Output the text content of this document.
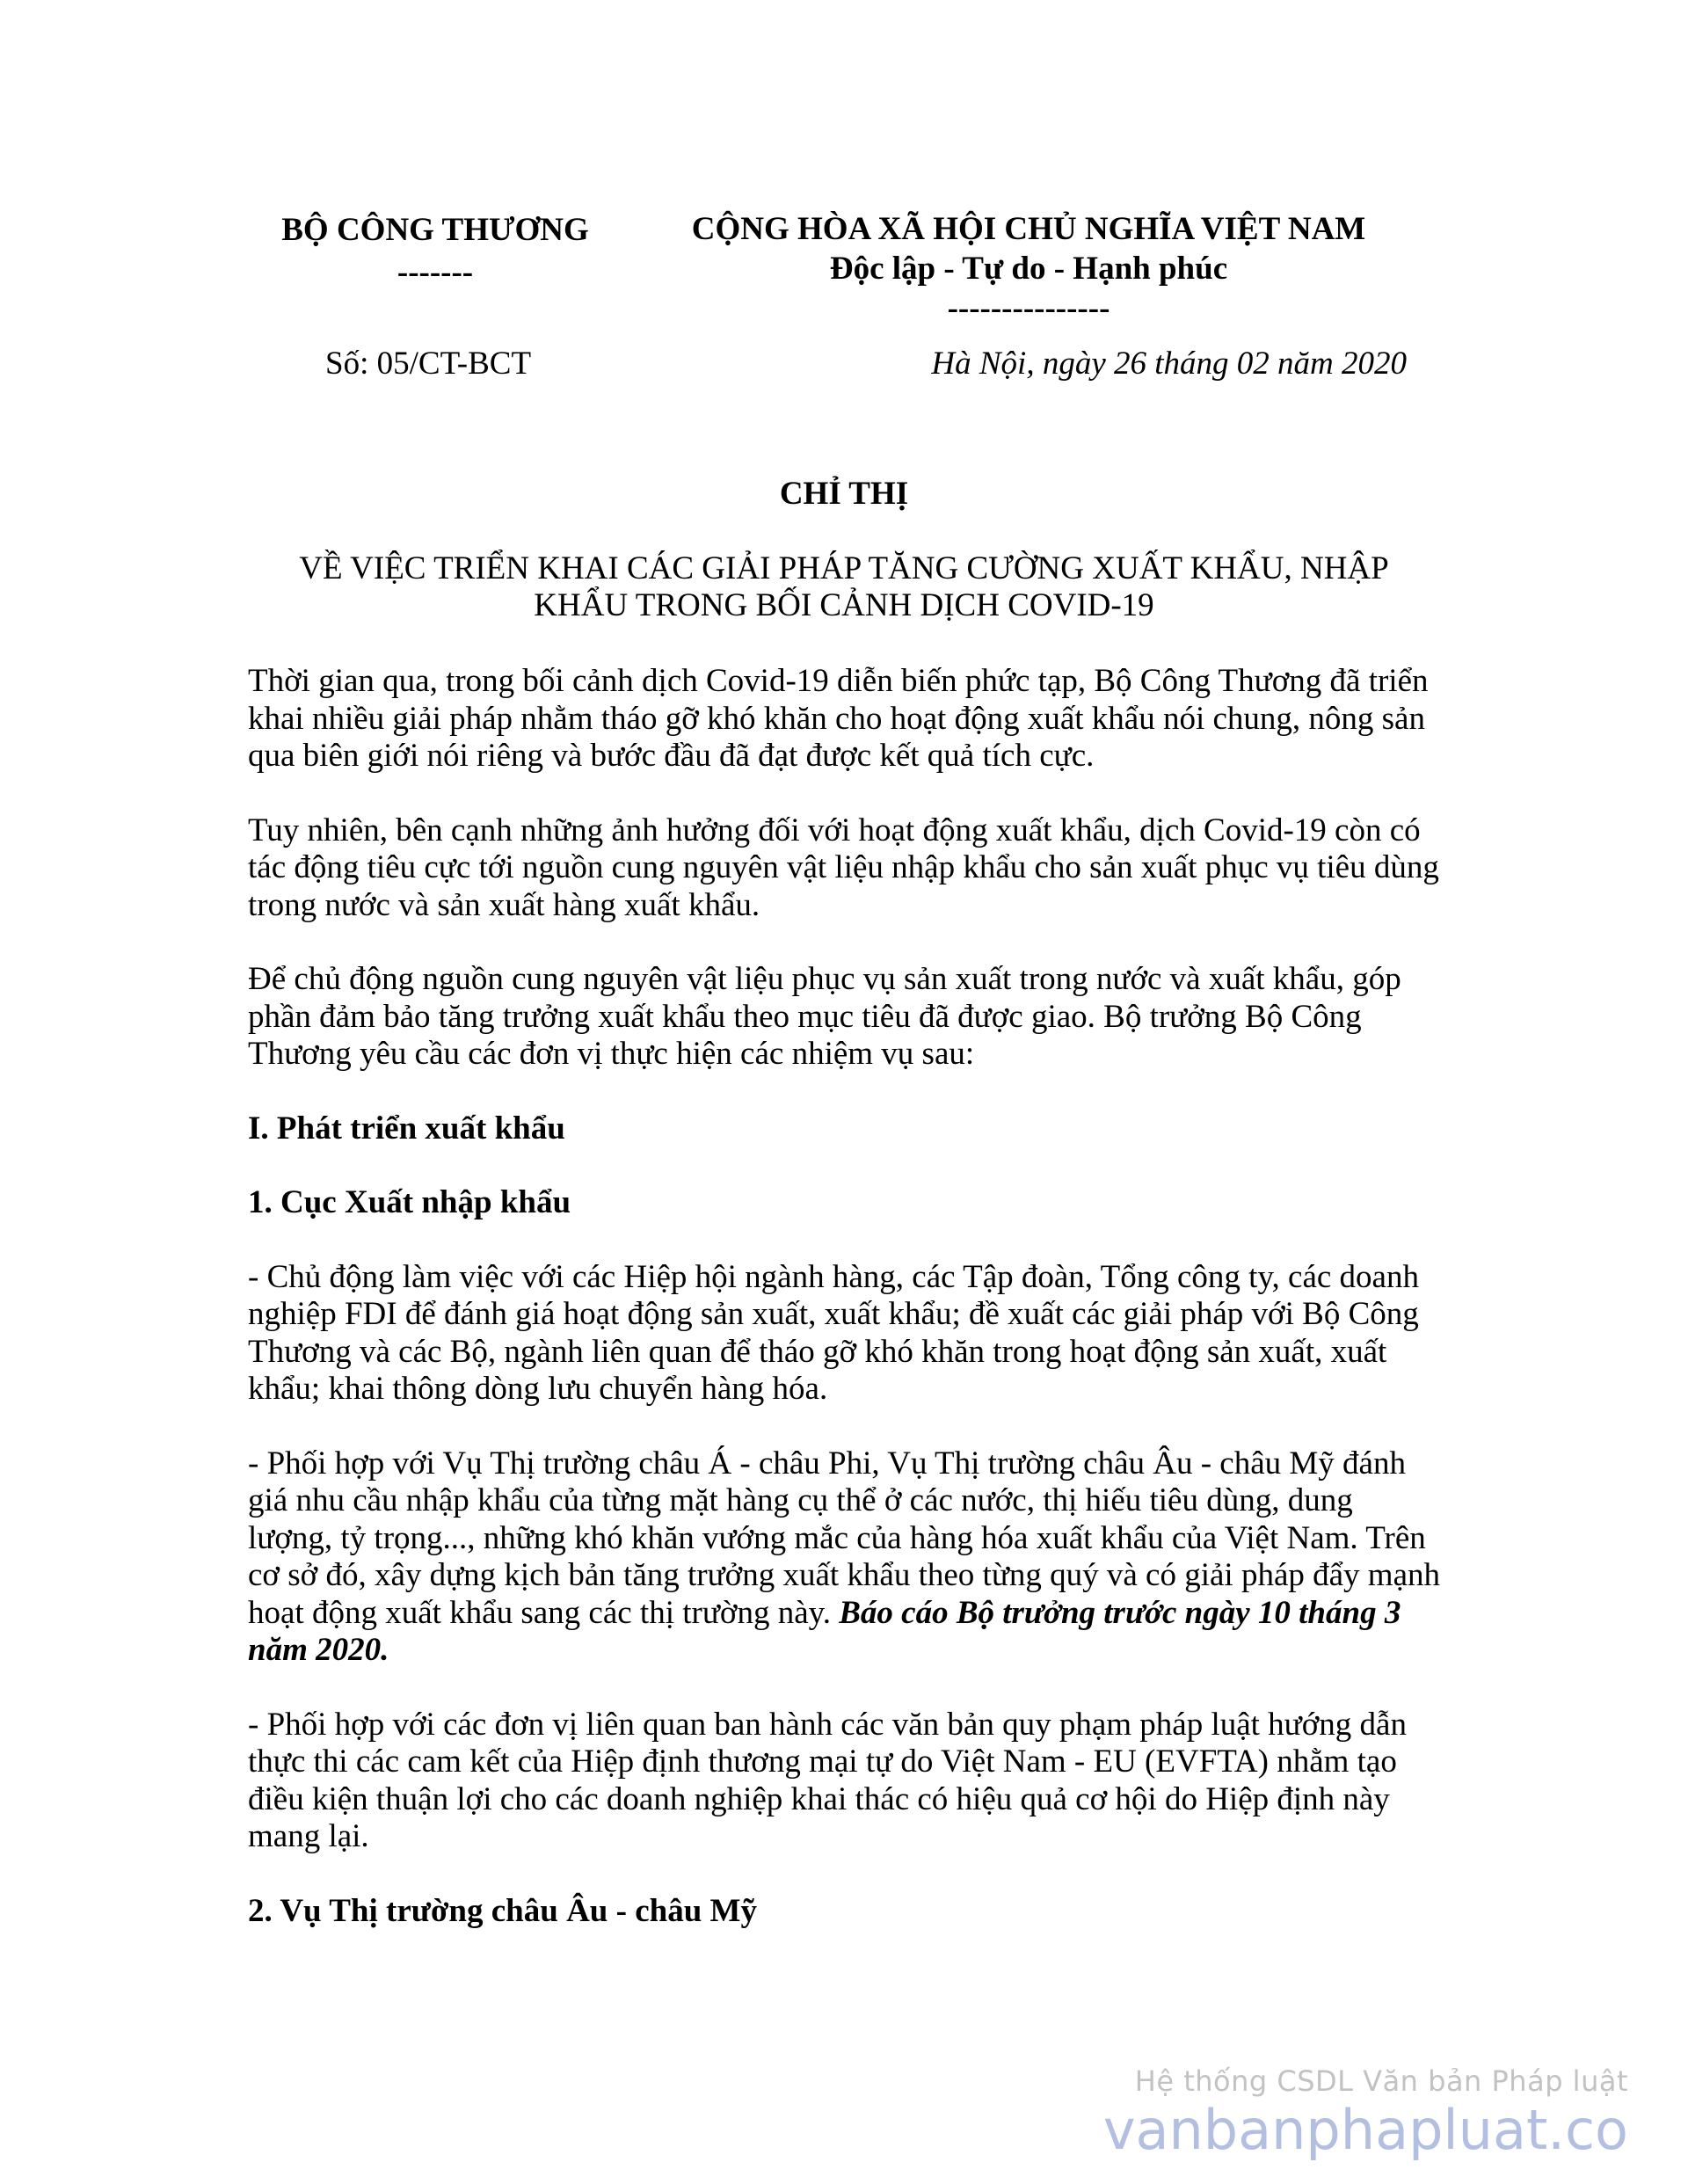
BỘ CÔNG THƯƠNG
-------
CỘNG HÒA XÃ HỘI CHỦ NGHĨA VIỆT NAM
Độc lập - Tự do - Hạnh phúc
---------------
Số: 05/CT-BCT	Hà Nội, ngày 26 tháng 02 năm 2020
CHỈ THỊ
VỀ VIỆC TRIỂN KHAI CÁC GIẢI PHÁP TĂNG CƯỜNG XUẤT KHẨU, NHẬP
KHẨU TRONG BỐI CẢNH DỊCH COVID-19

Thời gian qua, trong bối cảnh dịch Covid-19 diễn biến phức tạp, Bộ Công Thương đã triển khai nhiều giải pháp nhằm tháo gỡ khó khăn cho hoạt động xuất khẩu nói chung, nông sản qua biên giới nói riêng và bước đầu đã đạt được kết quả tích cực.

Tuy nhiên, bên cạnh những ảnh hưởng đối với hoạt động xuất khẩu, dịch Covid-19 còn có tác động tiêu cực tới nguồn cung nguyên vật liệu nhập khẩu cho sản xuất phục vụ tiêu dùng trong nước và sản xuất hàng xuất khẩu.

Để chủ động nguồn cung nguyên vật liệu phục vụ sản xuất trong nước và xuất khẩu, góp phần đảm bảo tăng trưởng xuất khẩu theo mục tiêu đã được giao. Bộ trưởng Bộ Công Thương yêu cầu các đơn vị thực hiện các nhiệm vụ sau:

I. Phát triển xuất khẩu
1. Cục Xuất nhập khẩu

- Chủ động làm việc với các Hiệp hội ngành hàng, các Tập đoàn, Tổng công ty, các doanh nghiệp FDI để đánh giá hoạt động sản xuất, xuất khẩu; đề xuất các giải pháp với Bộ Công Thương và các Bộ, ngành liên quan để tháo gỡ khó khăn trong hoạt động sản xuất, xuất khẩu; khai thông dòng lưu chuyển hàng hóa.

- Phối hợp với Vụ Thị trường châu Á - châu Phi, Vụ Thị trường châu Âu - châu Mỹ đánh giá nhu cầu nhập khẩu của từng mặt hàng cụ thể ở các nước, thị hiếu tiêu dùng, dung lượng, tỷ trọng..., những khó khăn vướng mắc của hàng hóa xuất khẩu của Việt Nam. Trên cơ sở đó, xây dựng kịch bản tăng trưởng xuất khẩu theo từng quý và có giải pháp đẩy mạnh hoạt động xuất khẩu sang các thị trường này. Báo cáo Bộ trưởng trước ngày 10 tháng 3 năm 2020.

- Phối hợp với các đơn vị liên quan ban hành các văn bản quy phạm pháp luật hướng dẫn thực thi các cam kết của Hiệp định thương mại tự do Việt Nam - EU (EVFTA) nhằm tạo điều kiện thuận lợi cho các doanh nghiệp khai thác có hiệu quả cơ hội do Hiệp định này mang lại.

2. Vụ Thị trường châu Âu - châu Mỹ
Hệ thống CSDL Văn bản Pháp luật
vanbanphapluat.co
